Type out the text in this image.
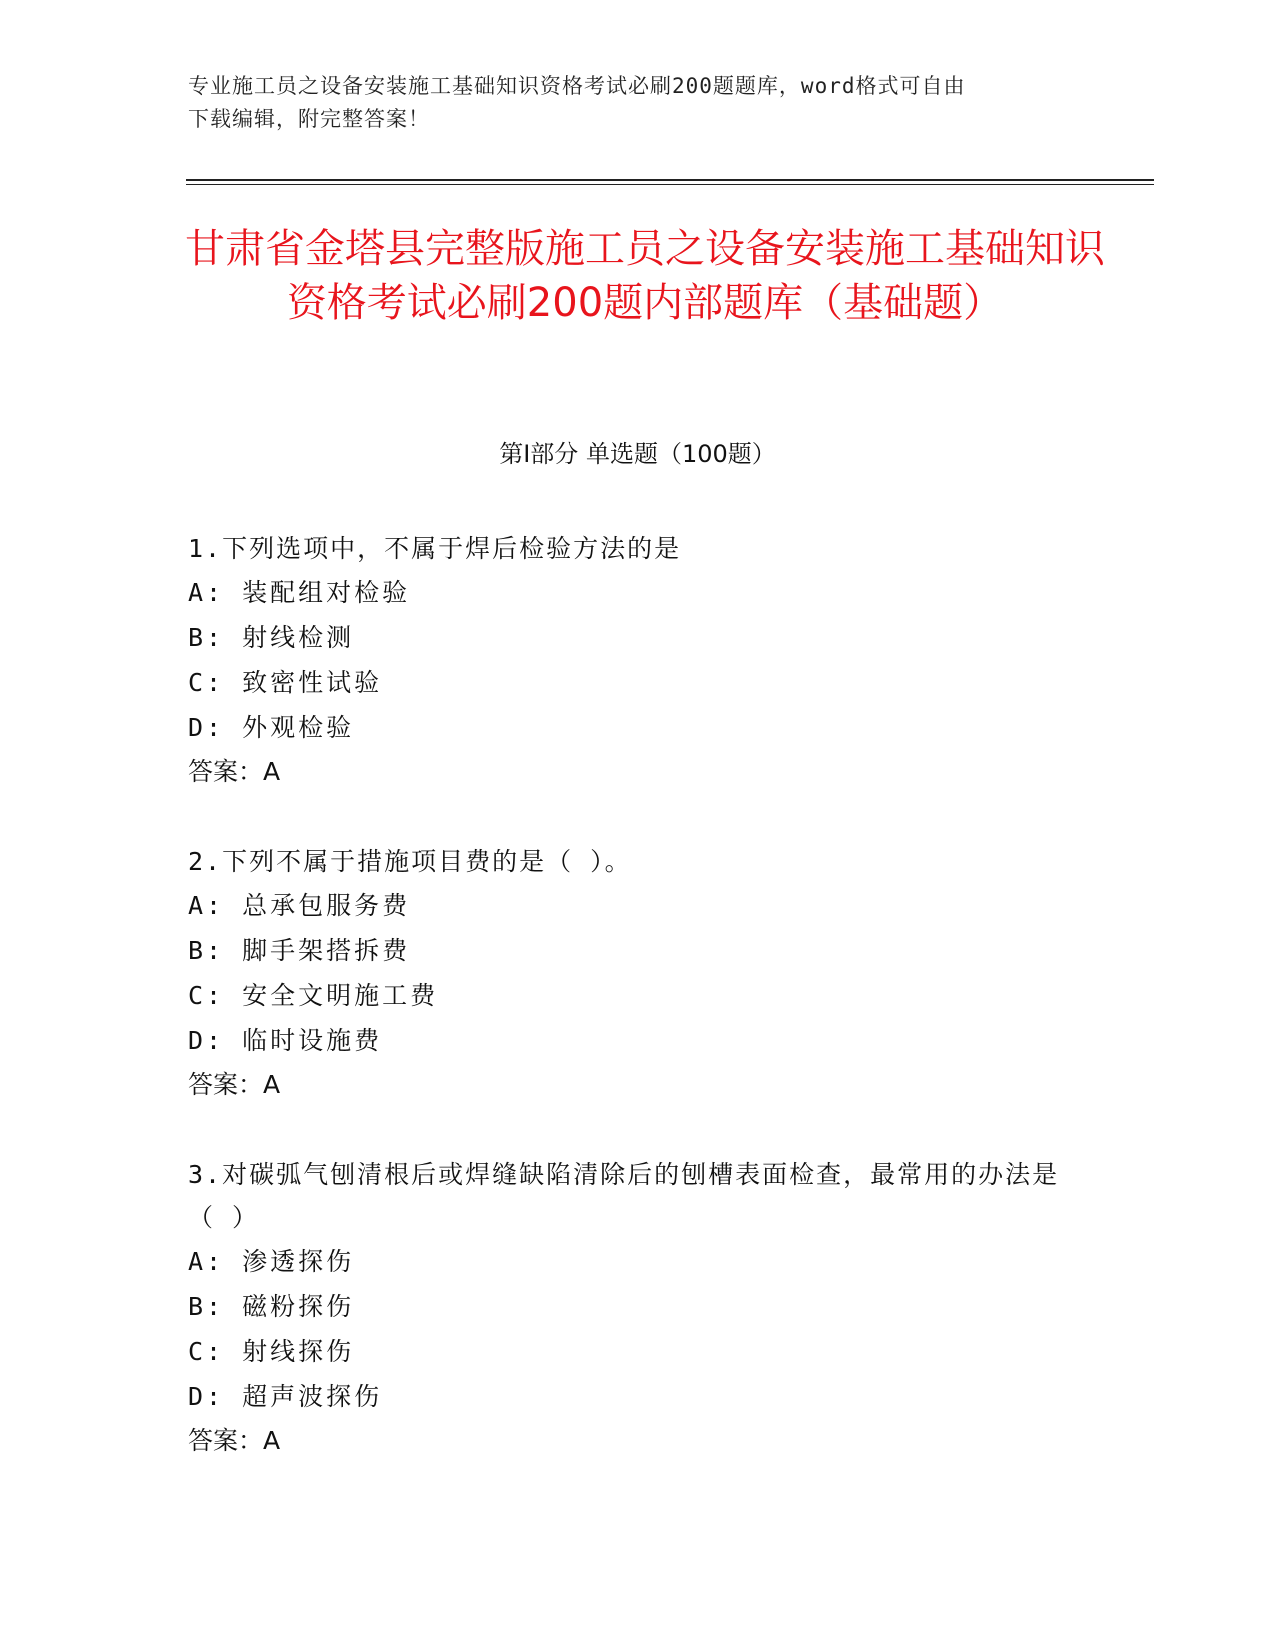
专业施工员之设备安装施工基础知识资格考试必刷200题题库，word格式可自由
下载编辑，附完整答案！
甘肃省金塔县完整版施工员之设备安装施工基础知识资格考试必刷200题内部题库（基础题）
第I部分 单选题（100题）
1.下列选项中，不属于焊后检验方法的是
A: 装配组对检验
B: 射线检测
C: 致密性试验
D: 外观检验
答案：A
2.下列不属于措施项目费的是（ ）。
A: 总承包服务费
B: 脚手架搭拆费
C: 安全文明施工费
D: 临时设施费
答案：A
3.对碳弧气刨清根后或焊缝缺陷清除后的刨槽表面检查，最常用的办法是（ ）
A: 渗透探伤
B: 磁粉探伤
C: 射线探伤
D: 超声波探伤
答案：A
